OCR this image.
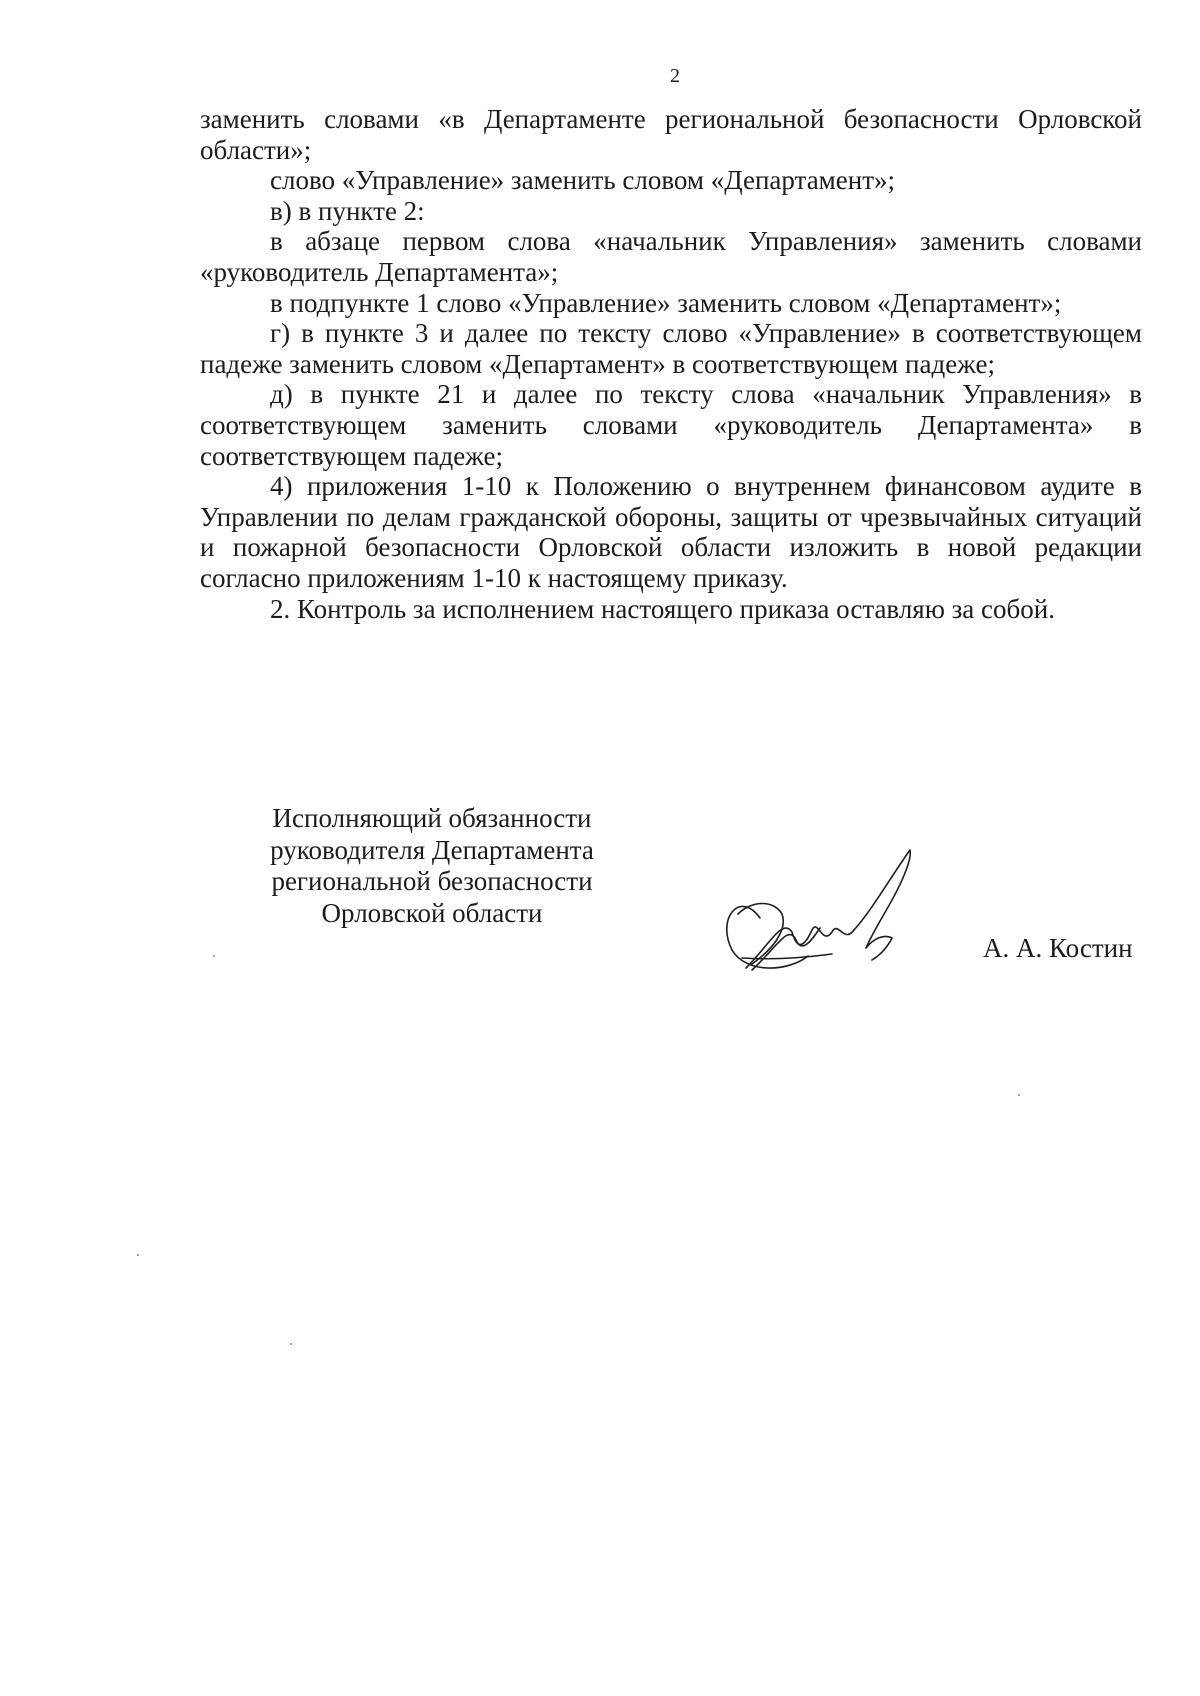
2

заменить словами «в Департаменте региональной безопасности Орловской области»;

слово «Управление» заменить словом «Департамент»;

в) в пункте 2:

в абзаце первом слова «начальник Управления» заменить словами «руководитель Департамента»;

в подпункте 1 слово «Управление» заменить словом «Департамент»;

г) в пункте 3 и далее по тексту слово «Управление» в соответствующем падеже заменить словом «Департамент» в соответствующем падеже;

д) в пункте 21 и далее по тексту слова «начальник Управления» в соответствующем заменить словами «руководитель Департамента» в соответствующем падеже;

4) приложения 1-10 к Положению о внутреннем финансовом аудите в Управлении по делам гражданской обороны, защиты от чрезвычайных ситуаций и пожарной безопасности Орловской области изложить в новой редакции согласно приложениям 1-10 к настоящему приказу.

2. Контроль за исполнением настоящего приказа оставляю за собой.

Исполняющий обязанности
руководителя Департамента
региональной безопасности
Орловской области
А. А. Костин
